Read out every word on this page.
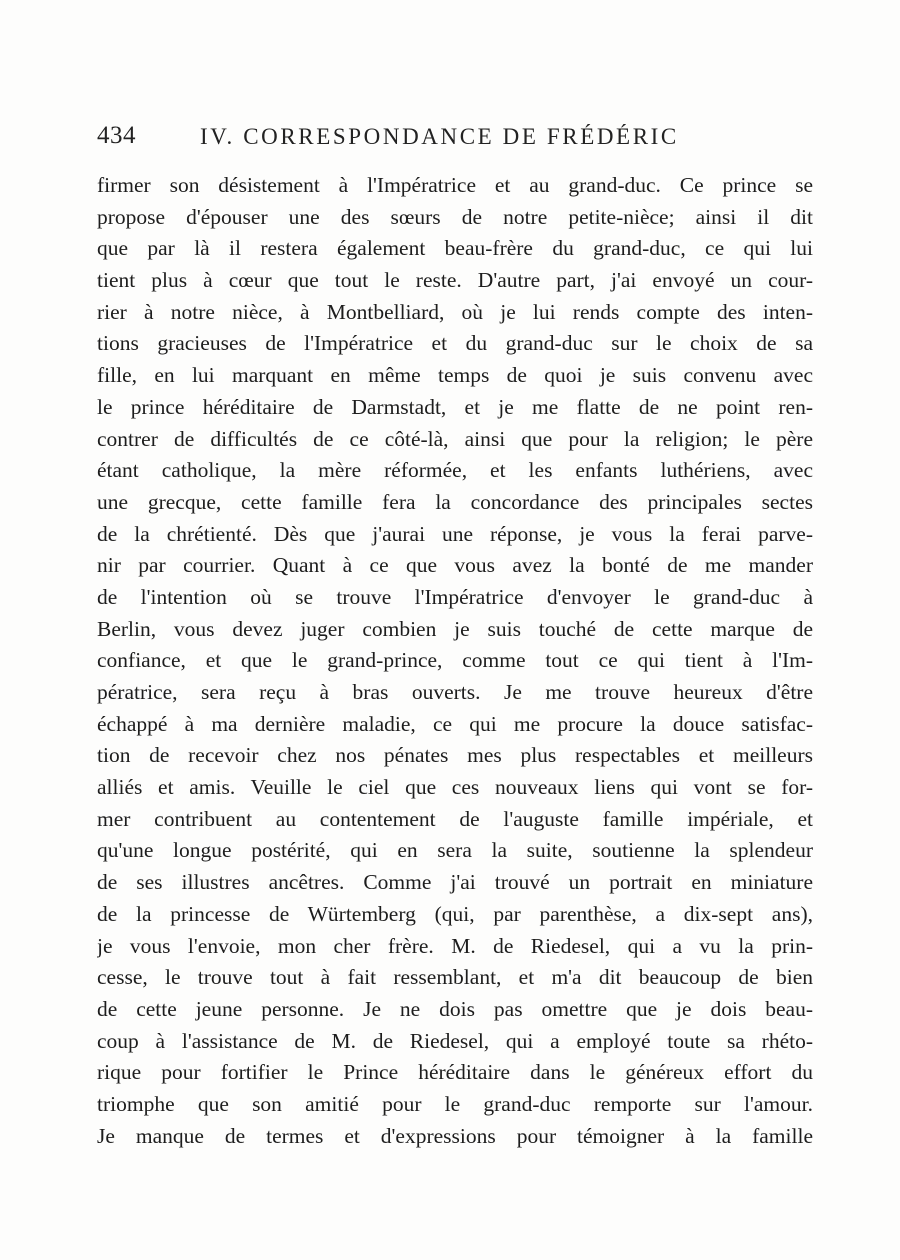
434	IV. CORRESPONDANCE DE FRÉDÉRIC
firmer son désistement à l'Impératrice et au grand-duc. Ce prince se
propose d'épouser une des sœurs de notre petite-nièce; ainsi il dit
que par là il restera également beau-frère du grand-duc, ce qui lui
tient plus à cœur que tout le reste. D'autre part, j'ai envoyé un cour-
rier à notre nièce, à Montbelliard, où je lui rends compte des inten-
tions gracieuses de l'Impératrice et du grand-duc sur le choix de sa
fille, en lui marquant en même temps de quoi je suis convenu avec
le prince héréditaire de Darmstadt, et je me flatte de ne point ren-
contrer de difficultés de ce côté-là, ainsi que pour la religion; le père
étant catholique, la mère réformée, et les enfants luthériens, avec
une grecque, cette famille fera la concordance des principales sectes
de la chrétienté. Dès que j'aurai une réponse, je vous la ferai parve-
nir par courrier. Quant à ce que vous avez la bonté de me mander
de l'intention où se trouve l'Impératrice d'envoyer le grand-duc à
Berlin, vous devez juger combien je suis touché de cette marque de
confiance, et que le grand-prince, comme tout ce qui tient à l'Im-
pératrice, sera reçu à bras ouverts. Je me trouve heureux d'être
échappé à ma dernière maladie, ce qui me procure la douce satisfac-
tion de recevoir chez nos pénates mes plus respectables et meilleurs
alliés et amis. Veuille le ciel que ces nouveaux liens qui vont se for-
mer contribuent au contentement de l'auguste famille impériale, et
qu'une longue postérité, qui en sera la suite, soutienne la splendeur
de ses illustres ancêtres. Comme j'ai trouvé un portrait en miniature
de la princesse de Würtemberg (qui, par parenthèse, a dix-sept ans),
je vous l'envoie, mon cher frère. M. de Riedesel, qui a vu la prin-
cesse, le trouve tout à fait ressemblant, et m'a dit beaucoup de bien
de cette jeune personne. Je ne dois pas omettre que je dois beau-
coup à l'assistance de M. de Riedesel, qui a employé toute sa rhéto-
rique pour fortifier le Prince héréditaire dans le généreux effort du
triomphe que son amitié pour le grand-duc remporte sur l'amour.
Je manque de termes et d'expressions pour témoigner à la famille
